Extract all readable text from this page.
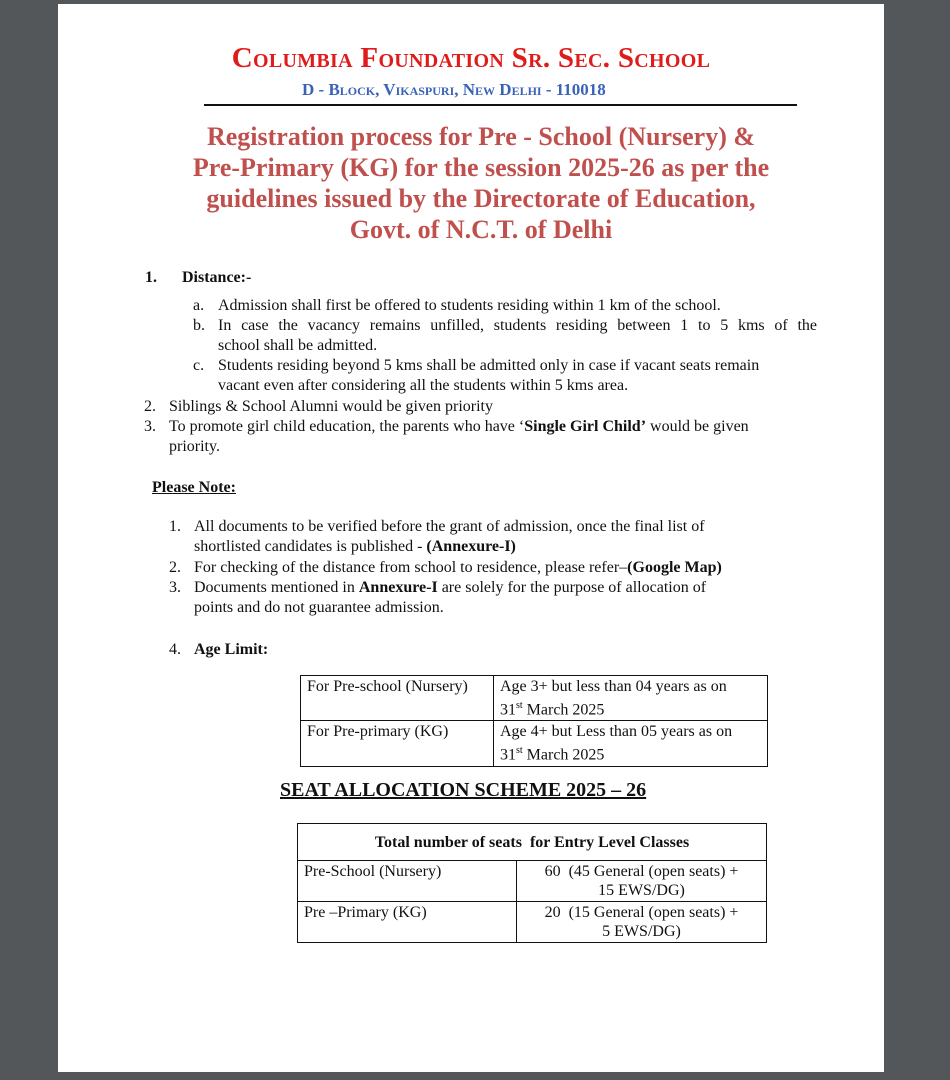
Columbia Foundation Sr. Sec. School
D - Block, Vikaspuri, New Delhi - 110018
Registration process for Pre - School (Nursery) &
Pre-Primary (KG) for the session 2025-26 as per the
guidelines issued by the Directorate of Education,
Govt. of N.C.T. of Delhi
1. Distance:-
a. Admission shall first be offered to students residing within 1 km of the school.
b. In case the vacancy remains unfilled, students residing between 1 to 5 kms of the
school shall be admitted.
c. Students residing beyond 5 kms shall be admitted only in case if vacant seats remain
vacant even after considering all the students within 5 kms area.
2. Siblings & School Alumni would be given priority
3. To promote girl child education, the parents who have ‘Single Girl Child’ would be given
priority.
Please Note:
1. All documents to be verified before the grant of admission, once the final list of
shortlisted candidates is published - (Annexure-I)
2. For checking of the distance from school to residence, please refer–(Google Map)
3. Documents mentioned in Annexure-I are solely for the purpose of allocation of
points and do not guarantee admission.
4. Age Limit:
For Pre-school (Nursery)	Age 3+ but less than 04 years as on
31st March 2025
For Pre-primary (KG)	Age 4+ but Less than 05 years as on
31st March 2025
SEAT ALLOCATION SCHEME 2025 – 26
Total number of seats  for Entry Level Classes	
Pre-School (Nursery)	60  (45 General (open seats) +
15 EWS/DG)
Pre –Primary (KG)	20  (15 General (open seats) +
5 EWS/DG)
